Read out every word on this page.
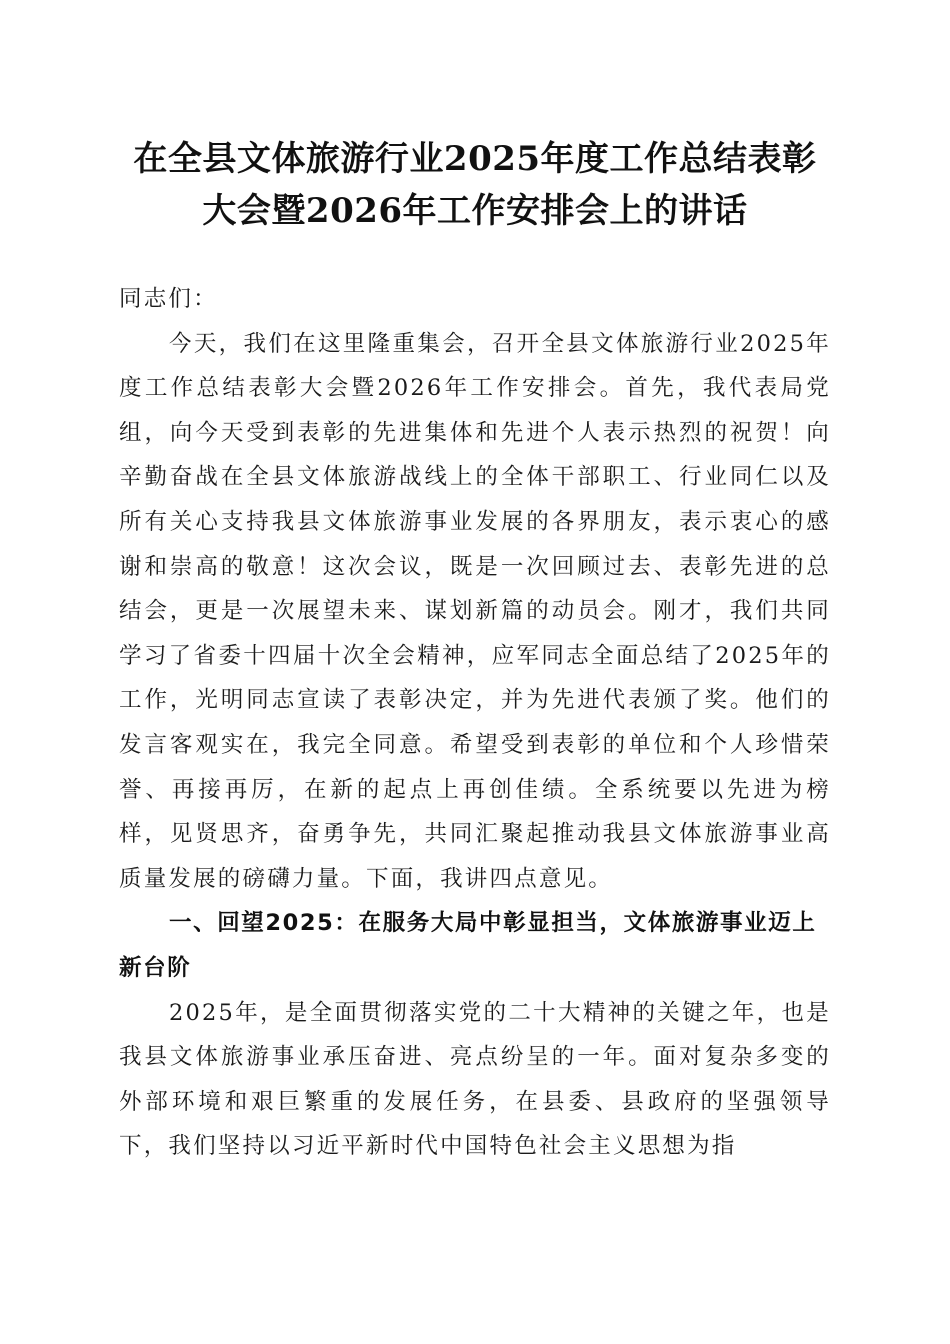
在全县文体旅游行业2025年度工作总结表彰
大会暨2026年工作安排会上的讲话

同志们：

今天，我们在这里隆重集会，召开全县文体旅游行业2025年度工作总结表彰大会暨2026年工作安排会。首先，我代表局党组，向今天受到表彰的先进集体和先进个人表示热烈的祝贺！向辛勤奋战在全县文体旅游战线上的全体干部职工、行业同仁以及所有关心支持我县文体旅游事业发展的各界朋友，表示衷心的感谢和崇高的敬意！这次会议，既是一次回顾过去、表彰先进的总结会，更是一次展望未来、谋划新篇的动员会。刚才，我们共同学习了省委十四届十次全会精神，应军同志全面总结了2025年的工作，光明同志宣读了表彰决定，并为先进代表颁了奖。他们的发言客观实在，我完全同意。希望受到表彰的单位和个人珍惜荣誉、再接再厉，在新的起点上再创佳绩。全系统要以先进为榜样，见贤思齐，奋勇争先，共同汇聚起推动我县文体旅游事业高质量发展的磅礴力量。下面，我讲四点意见。

一、回望2025：在服务大局中彰显担当，文体旅游事业迈上新台阶

2025年，是全面贯彻落实党的二十大精神的关键之年，也是我县文体旅游事业承压奋进、亮点纷呈的一年。面对复杂多变的外部环境和艰巨繁重的发展任务，在县委、县政府的坚强领导下，我们坚持以习近平新时代中国特色社会主义思想为指
